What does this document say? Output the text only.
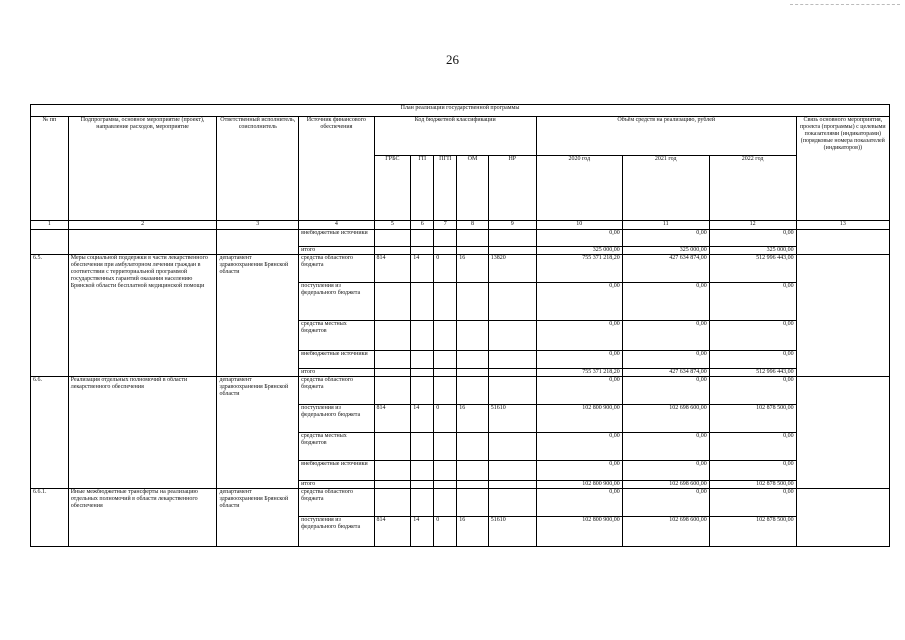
26
План реализации государственной программы												
№ пп	Подпрограмма, основное мероприятие (проект), направление расходов, мероприятие	Ответственный исполнитель, соисполнитель	Источник финансового обеспечения	Код бюджетной классификации					Объём средств на реализацию, рублей			Связь основного мероприятия, проекта (программы) с целевыми показателями (индикаторами) (порядковые номера показателей (индикаторов))
				ГРБС	ГП	ПГП	ОМ	НР	2020 год	2021 год	2022 год	
1	2	3	4	5	6	7	8	9	10	11	12	13
			внебюджетные источники						0,00	0,00	0,00	
			итого						325 000,00	325 000,00	325 000,00	
6.5.	Меры социальной поддержки в части лекарственного обеспечения при амбулаторном лечении граждан в соответствии с территориальной программой государственных гарантий оказания населению Брянской области бесплатной медицинской помощи	департамент здравоохранения Брянской области	средства областного бюджета	814	14	0	16	13820	755 371 218,20	427 634 874,00	512 996 443,00	
			поступления из федерального бюджета						0,00	0,00	0,00	
			средства местных бюджетов						0,00	0,00	0,00	
			внебюджетные источники						0,00	0,00	0,00	
			итого						755 371 218,20	427 634 874,00	512 996 443,00	
6.6.	Реализация отдельных полномочий в области лекарственного обеспечения	департамент здравоохранения Брянской области	средства областного бюджета						0,00	0,00	0,00	
			поступления из федерального бюджета	814	14	0	16	51610	102 800 900,00	102 698 600,00	102 878 500,00	
			средства местных бюджетов						0,00	0,00	0,00	
			внебюджетные источники						0,00	0,00	0,00	
			итого						102 800 900,00	102 698 600,00	102 878 500,00	
6.6.1.	Иные межбюджетные трансферты на реализацию отдельных полномочий в области лекарственного обеспечения	департамент здравоохранения Брянской области	средства областного бюджета						0,00	0,00	0,00	
			поступления из федерального бюджета	814	14	0	16	51610	102 800 900,00	102 698 600,00	102 878 500,00	
